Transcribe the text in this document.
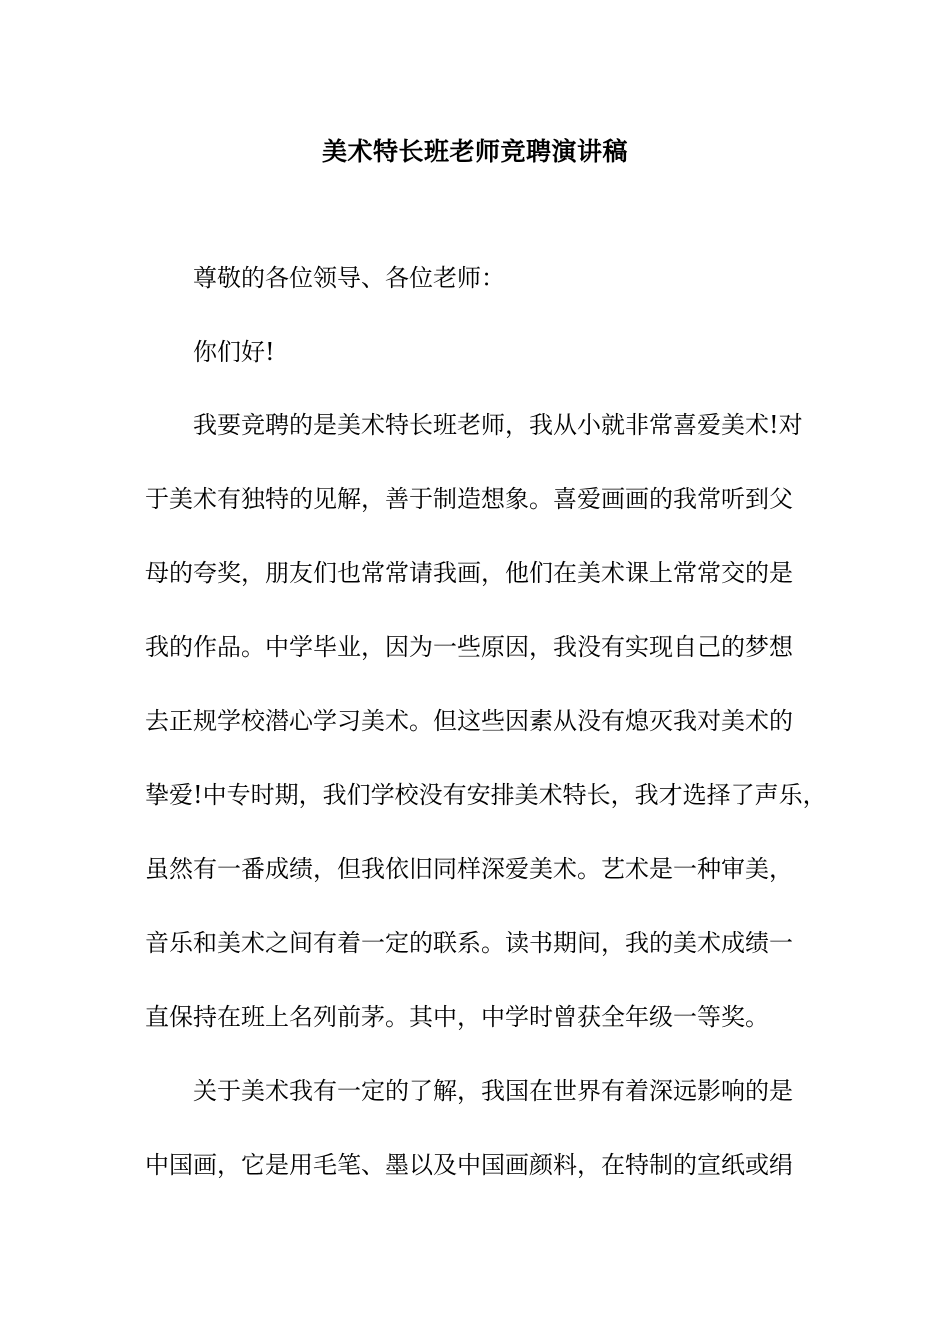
美术特长班老师竞聘演讲稿

尊敬的各位领导、各位老师：

你们好!

我要竞聘的是美术特长班老师，我从小就非常喜爱美术!对

于美术有独特的见解，善于制造想象。喜爱画画的我常听到父

母的夸奖，朋友们也常常请我画，他们在美术课上常常交的是

我的作品。中学毕业，因为一些原因，我没有实现自己的梦想

去正规学校潜心学习美术。但这些因素从没有熄灭我对美术的

挚爱!中专时期，我们学校没有安排美术特长，我才选择了声乐，

虽然有一番成绩，但我依旧同样深爱美术。艺术是一种审美，

音乐和美术之间有着一定的联系。读书期间，我的美术成绩一

直保持在班上名列前茅。其中，中学时曾获全年级一等奖。

关于美术我有一定的了解，我国在世界有着深远影响的是

中国画，它是用毛笔、墨以及中国画颜料，在特制的宣纸或绢
